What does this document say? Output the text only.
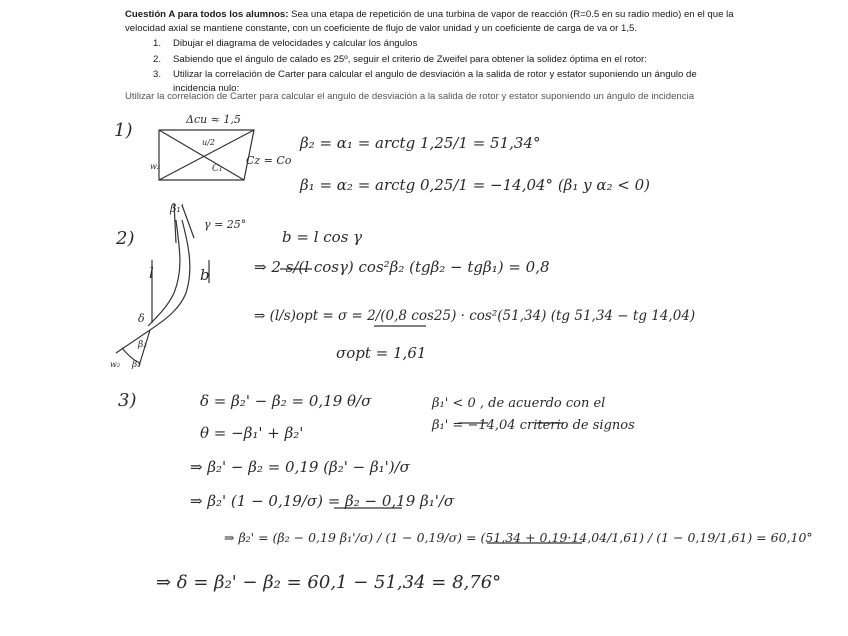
Cuestión A para todos los alumnos: Sea una etapa de repetición de una turbina de vapor de reacción (R=0.5 en su radio medio) en el que la velocidad axial se mantiene constante, con un coeficiente de flujo de valor unidad y un coeficiente de carga de va or 1,5.

1. Dibujar el diagrama de velocidades y calcular los ángulos
2. Sabiendo que el ángulo de calado es 25º, seguir el criterio de Zweifel para obtener la solidez óptima en el rotor:
3. Utilizar la correlación de Carter para calcular el angulo de desviación a la salida de rotor y estator suponiendo un ángulo de incidencia nulo:
Utilizar la correlación de Carter para calcular el angulo de desviación a la salida de rotor y estator suponiendo un ángulo de incidencia
1)
Δcu ≈ 1,5
u/2
w₂	C₁
Cz = Co
β₂ = α₁ = arctg 1,25/1 = 51,34°
β₁ = α₂ = arctg 0,25/1 = −14,04° (β₁ y α₂ < 0)
2)
β₁'
γ = 25°
b = l cos γ
l	b
δ
β₂
w₂ β₂
⇒ 2 s/(l cosγ) cos²β₂ (tgβ₂ − tgβ₁) = 0,8
⇒ (l/s)opt = σ = 2/(0,8 cos25) · cos²(51,34) (tg 51,34 − tg 14,04)
σopt = 1,61
3)	δ = β₂' − β₂ = 0,19 θ/σ	β₁' < 0 , de acuerdo con el
θ = −β₁' + β₂'	β₁' = −14,04 criterio de signos
⇒ β₂' − β₂ = 0,19 (β₂' − β₁')/σ
⇒ β₂' (1 − 0,19/σ) = β₂ − 0,19 β₁'/σ
⇒ β₂' = (β₂ − 0,19 β₁'/σ) / (1 − 0,19/σ) = (51,34 + 0,19·14,04/1,61) / (1 − 0,19/1,61) = 60,10°
⇒ δ = β₂' − β₂ = 60,1 − 51,34 = 8,76°
